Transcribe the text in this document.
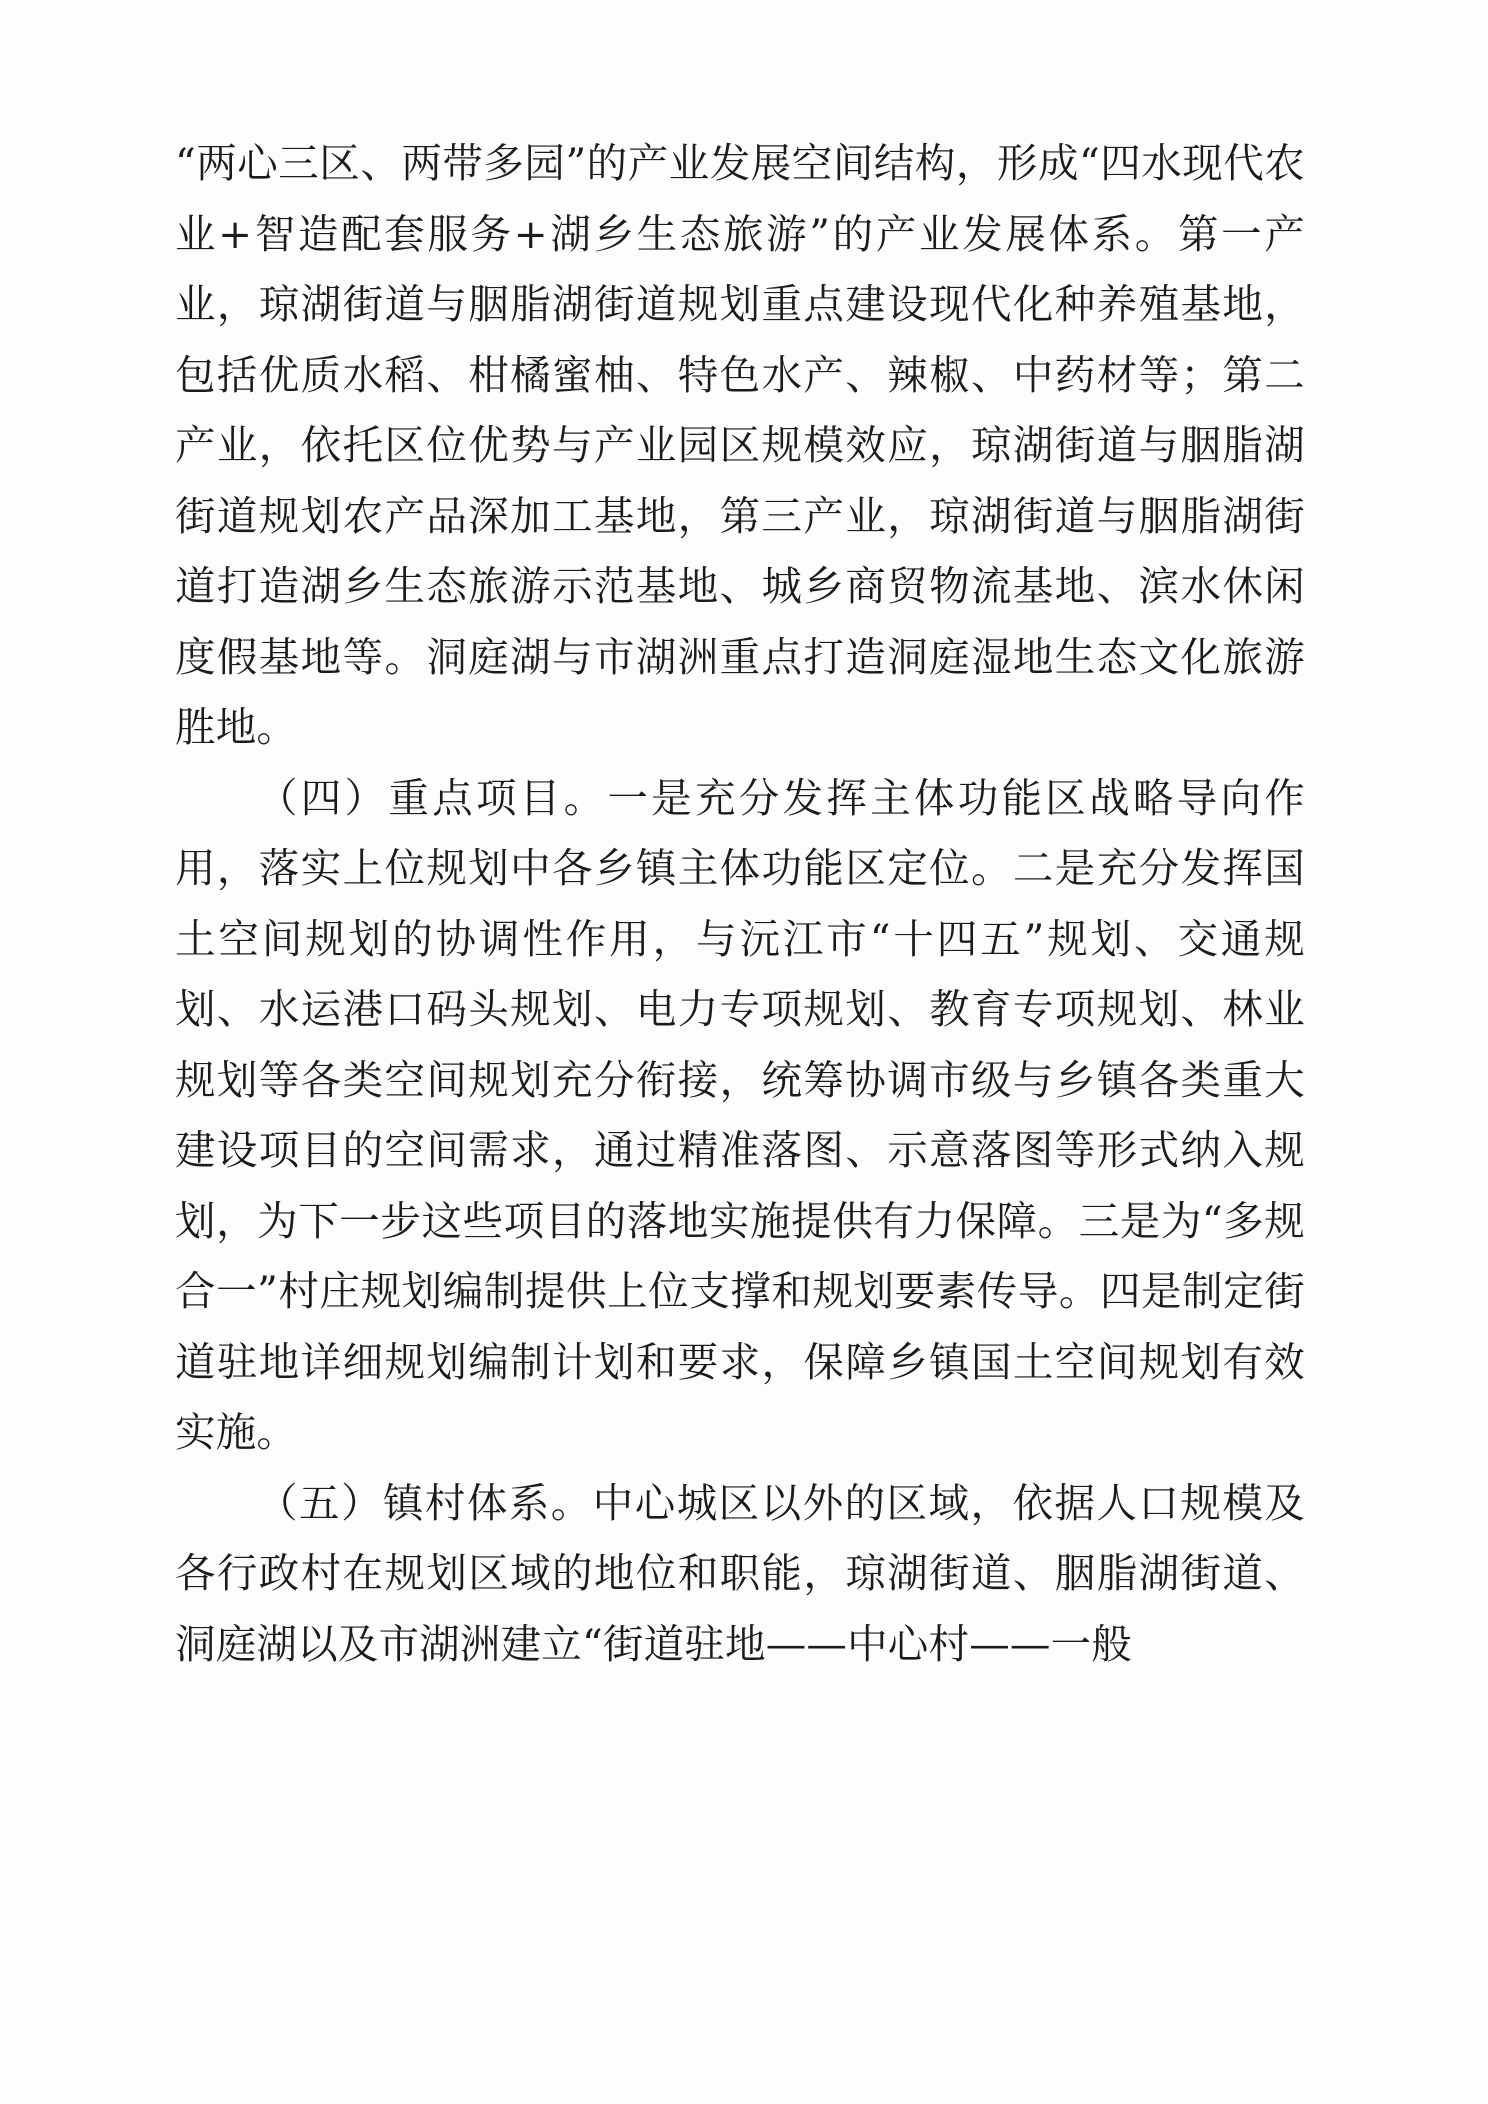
“两心三区、两带多园”的产业发展空间结构，形成“四水现代农业+智造配套服务+湖乡生态旅游”的产业发展体系。第一产业，琼湖街道与胭脂湖街道规划重点建设现代化种养殖基地，包括优质水稻、柑橘蜜柚、特色水产、辣椒、中药材等；第二产业，依托区位优势与产业园区规模效应，琼湖街道与胭脂湖街道规划农产品深加工基地，第三产业，琼湖街道与胭脂湖街道打造湖乡生态旅游示范基地、城乡商贸物流基地、滨水休闲度假基地等。洞庭湖与市湖洲重点打造洞庭湿地生态文化旅游胜地。

（四）重点项目。一是充分发挥主体功能区战略导向作用，落实上位规划中各乡镇主体功能区定位。二是充分发挥国土空间规划的协调性作用，与沅江市“十四五”规划、交通规划、水运港口码头规划、电力专项规划、教育专项规划、林业规划等各类空间规划充分衔接，统筹协调市级与乡镇各类重大建设项目的空间需求，通过精准落图、示意落图等形式纳入规划，为下一步这些项目的落地实施提供有力保障。三是为“多规合一”村庄规划编制提供上位支撑和规划要素传导。四是制定街道驻地详细规划编制计划和要求，保障乡镇国土空间规划有效实施。

（五）镇村体系。中心城区以外的区域，依据人口规模及各行政村在规划区域的地位和职能，琼湖街道、胭脂湖街道、洞庭湖以及市湖洲建立“街道驻地——中心村——一般
